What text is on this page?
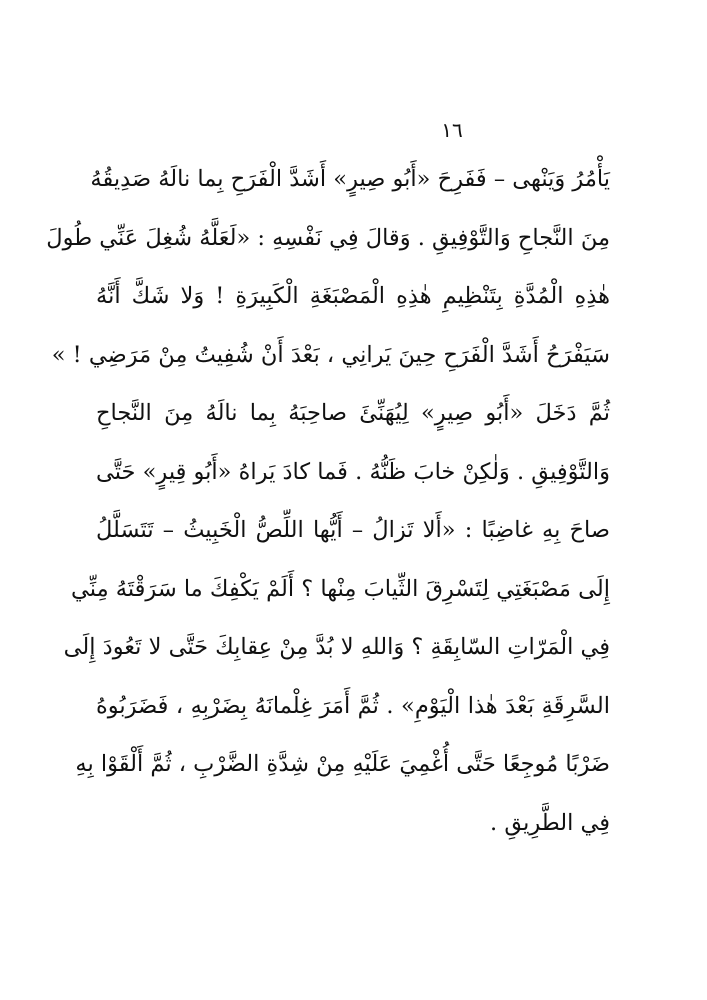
١٦
يَأْمُرُ وَيَنْهى – فَفَرِحَ «أَبُو صِيرٍ» أَشَدَّ الْفَرَحِ بِما نالَهُ صَدِيقُهُ
مِنَ النَّجاحِ وَالتَّوْفِيقِ . وَقالَ فِي نَفْسِهِ : «لَعَلَّهُ شُغِلَ عَنِّي طُولَ
هٰذِهِ الْمُدَّةِ بِتَنْظِيمِ هٰذِهِ الْمَصْبَغَةِ الْكَبِيرَةِ ! وَلا شَكَّ أَنَّهُ
سَيَفْرَحُ أَشَدَّ الْفَرَحِ حِينَ يَرانِي ، بَعْدَ أَنْ شُفِيتُ مِنْ مَرَضِي ! »
ثُمَّ دَخَلَ «أَبُو صِيرٍ» لِيُهَنِّئَ صاحِبَهُ بِما نالَهُ مِنَ النَّجاحِ
وَالتَّوْفِيقِ . وَلٰكِنْ خابَ ظَنُّهُ . فَما كادَ يَراهُ «أَبُو قِيرٍ» حَتَّى
صاحَ بِهِ غاضِبًا : «أَلا تَزالُ – أَيُّها اللِّصُّ الْخَبِيثُ – تَتَسَلَّلُ
إِلَى مَصْبَغَتِي لِتَسْرِقَ الثِّيابَ مِنْها ؟ أَلَمْ يَكْفِكَ ما سَرَقْتَهُ مِنِّي
فِي الْمَرّاتِ السّابِقَةِ ؟ وَاللهِ لا بُدَّ مِنْ عِقابِكَ حَتَّى لا تَعُودَ إِلَى
السَّرِقَةِ بَعْدَ هٰذا الْيَوْمِ» . ثُمَّ أَمَرَ غِلْمانَهُ بِضَرْبِهِ ، فَضَرَبُوهُ
ضَرْبًا مُوجِعًا حَتَّى أُغْمِيَ عَلَيْهِ مِنْ شِدَّةِ الضَّرْبِ ، ثُمَّ أَلْقَوْا بِهِ
فِي الطَّرِيقِ .
